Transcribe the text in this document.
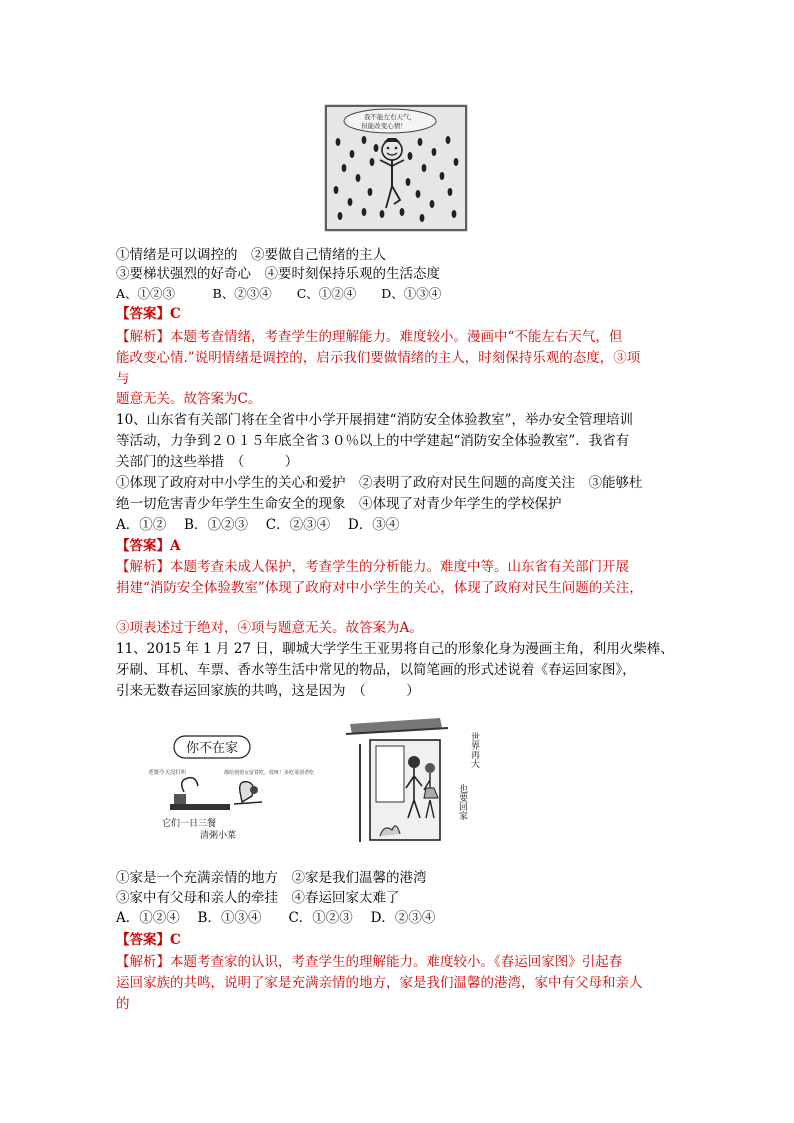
我不能左右天气，
但能改变心情！
①情绪是可以调控的　②要做自己情绪的主人
③要梯状强烈的好奇心　④要时刻保持乐观的生活态度
A、①②③　　　B、②③④　　C、①②④　　D、①③④
【答案】C
【解析】本题考查情绪，考查学生的理解能力。难度较小。漫画中“不能左右天气，但
能改变心情.”说明情绪是调控的，启示我们要做情绪的主人，时刻保持乐观的态度，③项
与
题意无关。故答案为C。
10、山东省有关部门将在全省中小学开展捐建“消防安全体验教室”，举办安全管理培训
等活动，力争到２０１５年底全省３０％以上的中学建起“消防安全体验教室”．我省有
关部门的这些举措　（　　　）
①体现了政府对中小学生的关心和爱护　②表明了政府对民生问题的高度关注　③能够杜
绝一切危害青少年学生生命安全的现象　④体现了对青少年学生的学校保护
A．①②　 B．①②③　 C．②③④　 D．③④
【答案】A
【解析】本题考查未成人保护，考查学生的分析能力。难度中等。山东省有关部门开展
捐建“消防安全体验教室”体现了政府对中小学生的关心，体现了政府对民生问题的关注，
③项表述过于绝对，④项与题意无关。故答案为A。
11、2015 年 1 月 27 日，聊城大学学生王亚男将自己的形象化身为漫画主角，利用火柴棒、
牙刷、耳机、车票、香水等生活中常见的物品，以简笔画的形式述说着《春运回家图》，
引来无数春运回家族的共鸣，这是因为　（　　　）
你不在家
老婆今天没打听	都给悄悄女留着吃，哎呀！多吃菜别老吃
它们一日三餐
清粥小菜
世界再大
也要回家
①家是一个充满亲情的地方　②家是我们温馨的港湾
③家中有父母和亲人的牵挂　④春运回家太难了
A．①②④　 B．①③④　　C．①②③　 D．②③④
【答案】C
【解析】本题考查家的认识，考查学生的理解能力。难度较小。《春运回家图》引起春
运回家族的共鸣，说明了家是充满亲情的地方，家是我们温馨的港湾，家中有父母和亲人
的
